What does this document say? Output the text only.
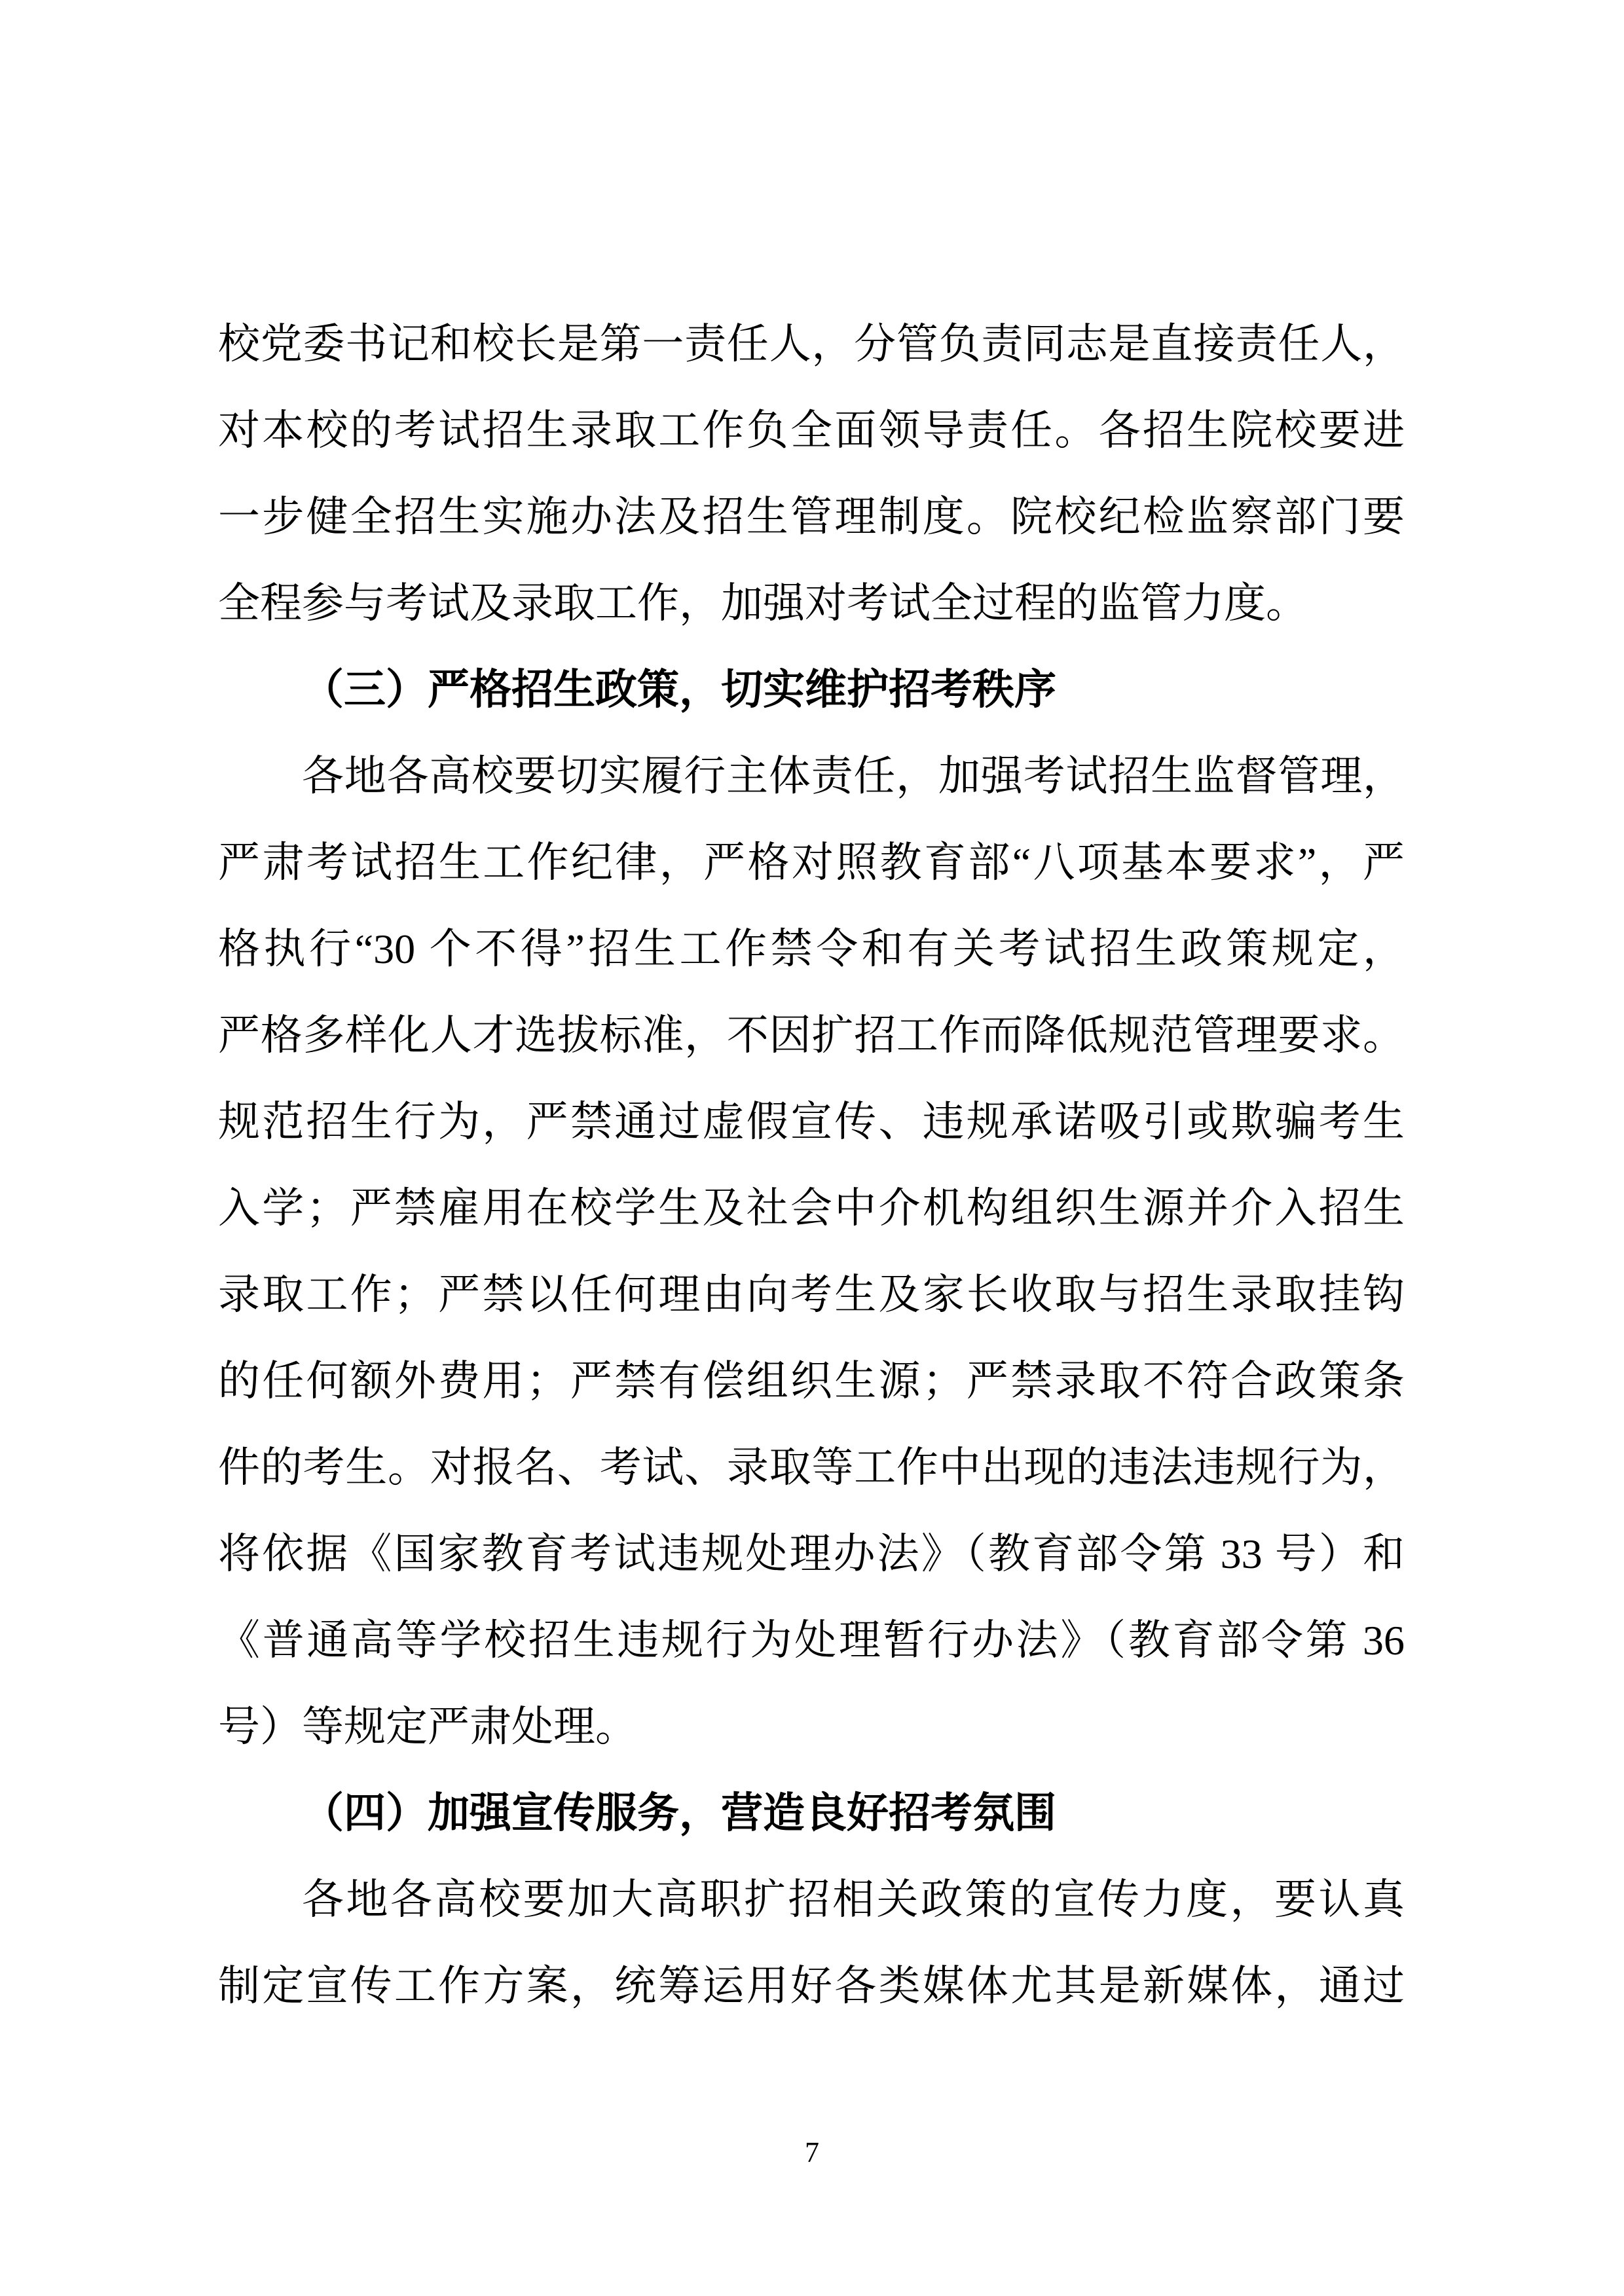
校党委书记和校长是第一责任人，分管负责同志是直接责任人，
对本校的考试招生录取工作负全面领导责任。各招生院校要进
一步健全招生实施办法及招生管理制度。院校纪检监察部门要
全程参与考试及录取工作，加强对考试全过程的监管力度。
（三）严格招生政策，切实维护招考秩序
各地各高校要切实履行主体责任，加强考试招生监督管理，
严肃考试招生工作纪律，严格对照教育部“八项基本要求”，严
格执行“30 个不得”招生工作禁令和有关考试招生政策规定，
严格多样化人才选拔标准，不因扩招工作而降低规范管理要求。
规范招生行为，严禁通过虚假宣传、违规承诺吸引或欺骗考生
入学；严禁雇用在校学生及社会中介机构组织生源并介入招生
录取工作；严禁以任何理由向考生及家长收取与招生录取挂钩
的任何额外费用；严禁有偿组织生源；严禁录取不符合政策条
件的考生。对报名、考试、录取等工作中出现的违法违规行为，
将依据《国家教育考试违规处理办法》（教育部令第 33 号）和
《普通高等学校招生违规行为处理暂行办法》（教育部令第 36
号）等规定严肃处理。
（四）加强宣传服务，营造良好招考氛围
各地各高校要加大高职扩招相关政策的宣传力度，要认真
制定宣传工作方案，统筹运用好各类媒体尤其是新媒体，通过
7
